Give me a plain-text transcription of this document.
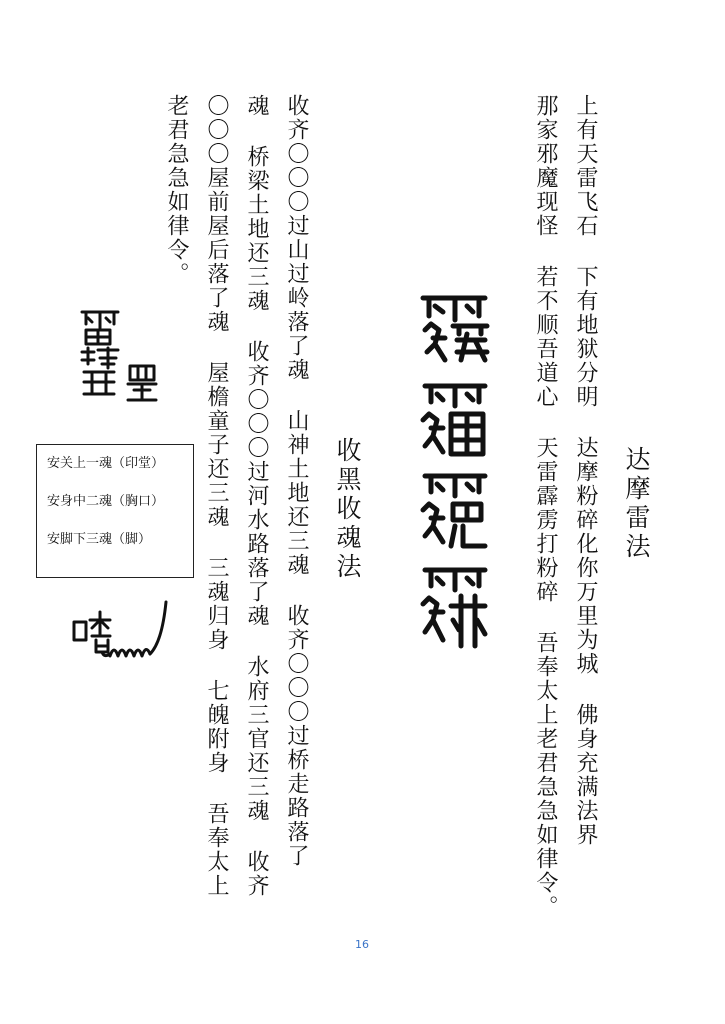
达摩雷法
上有天雷飞石 下有地狱分明 达摩粉碎化你万里为城 佛身充满法界
那家邪魔现怪 若不顺吾道心 天雷霹雳打粉碎 吾奉太上老君急急如律令。
收黑收魂法
收齐〇〇〇过山过岭落了魂 山神土地还三魂 收齐〇〇〇过桥走路落了
魂 桥梁土地还三魂 收齐〇〇〇过河水路落了魂 水府三官还三魂 收齐
〇〇〇屋前屋后落了魂 屋檐童子还三魂 三魂归身 七魄附身 吾奉太上
老君急急如律令。
安关上一魂（印堂）
安身中二魂（胸口）
安脚下三魂（脚）
16
